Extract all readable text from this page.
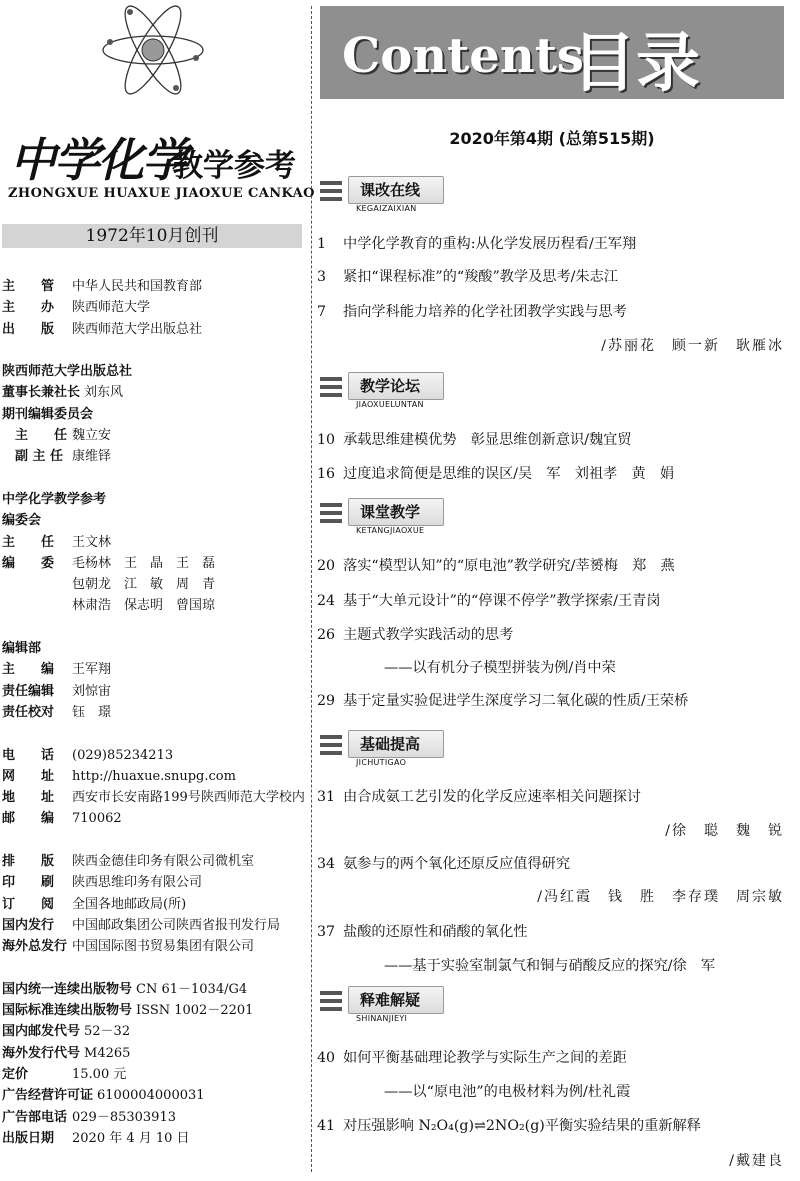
中学化学
教学参考
ZHONGXUE HUAXUE JIAOXUE CANKAO
1972年10月创刊
主　　管 中华人民共和国教育部
主　　办 陕西师范大学
出　　版 陕西师范大学出版总社
陕西师范大学出版总社
董事长兼社长 刘东风
期刊编辑委员会
　主　　任 魏立安
　副 主 任 康维铎
中学化学教学参考
编委会
主　　任 王文林
编　　委 毛杨林　王　晶　王　磊
包朝龙　江　敏　周　青
林肃浩　保志明　曾国琼
编辑部
主　　编 王军翔
责任编辑 刘惊宙
责任校对 钰　璟
电　　话 (029)85234213
网　　址 http://huaxue.snupg.com
地　　址 西安市长安南路199号陕西师范大学校内
邮　　编 710062
排　　版 陕西金德佳印务有限公司微机室
印　　刷 陕西思维印务有限公司
订　　阅 全国各地邮政局(所)
国内发行 中国邮政集团公司陕西省报刊发行局
海外总发行 中国国际图书贸易集团有限公司
国内统一连续出版物号 CN 61－1034/G4
国际标准连续出版物号 ISSN 1002－2201
国内邮发代号 52－32
海外发行代号 M4265
定价	15.00 元
广告经营许可证 6100004000031
广告部电话 029－85303913
出版日期 2020 年 4 月 10 日
Contents
目录
2020年第4期 (总第515期)
课改在线
KEGAIZAIXIAN
教学论坛
JIAOXUELUNTAN
课堂教学
KETANGJIAOXUE
基础提高
JICHUTIGAO
释难解疑
SHINANJIEYI
1 中学化学教育的重构:从化学发展历程看/王军翔
3 紧扣“课程标准”的“羧酸”教学及思考/朱志江
7 指向学科能力培养的化学社团教学实践与思考
/苏丽花　顾一新　耿雁冰
10 承载思维建模优势　彰显思维创新意识/魏宜贸
16 过度追求简便是思维的误区/吴　军　刘祖孝　黄　娟
20 落实“模型认知”的“原电池”教学研究/莘赟梅　郑　燕
24 基于“大单元设计”的“停课不停学”教学探索/王青岗
26 主题式教学实践活动的思考
——以有机分子模型拼装为例/肖中荣
29 基于定量实验促进学生深度学习二氧化碳的性质/王荣桥
31 由合成氨工艺引发的化学反应速率相关问题探讨
/徐　聪　魏　锐
34 氨参与的两个氧化还原反应值得研究
/冯红霞　钱　胜　李存璞　周宗敏
37 盐酸的还原性和硝酸的氧化性
——基于实验室制氯气和铜与硝酸反应的探究/徐　军
40 如何平衡基础理论教学与实际生产之间的差距
——以“原电池”的电极材料为例/杜礼霞
41 对压强影响 N₂O₄(g)⇌2NO₂(g)平衡实验结果的重新解释
/戴建良
